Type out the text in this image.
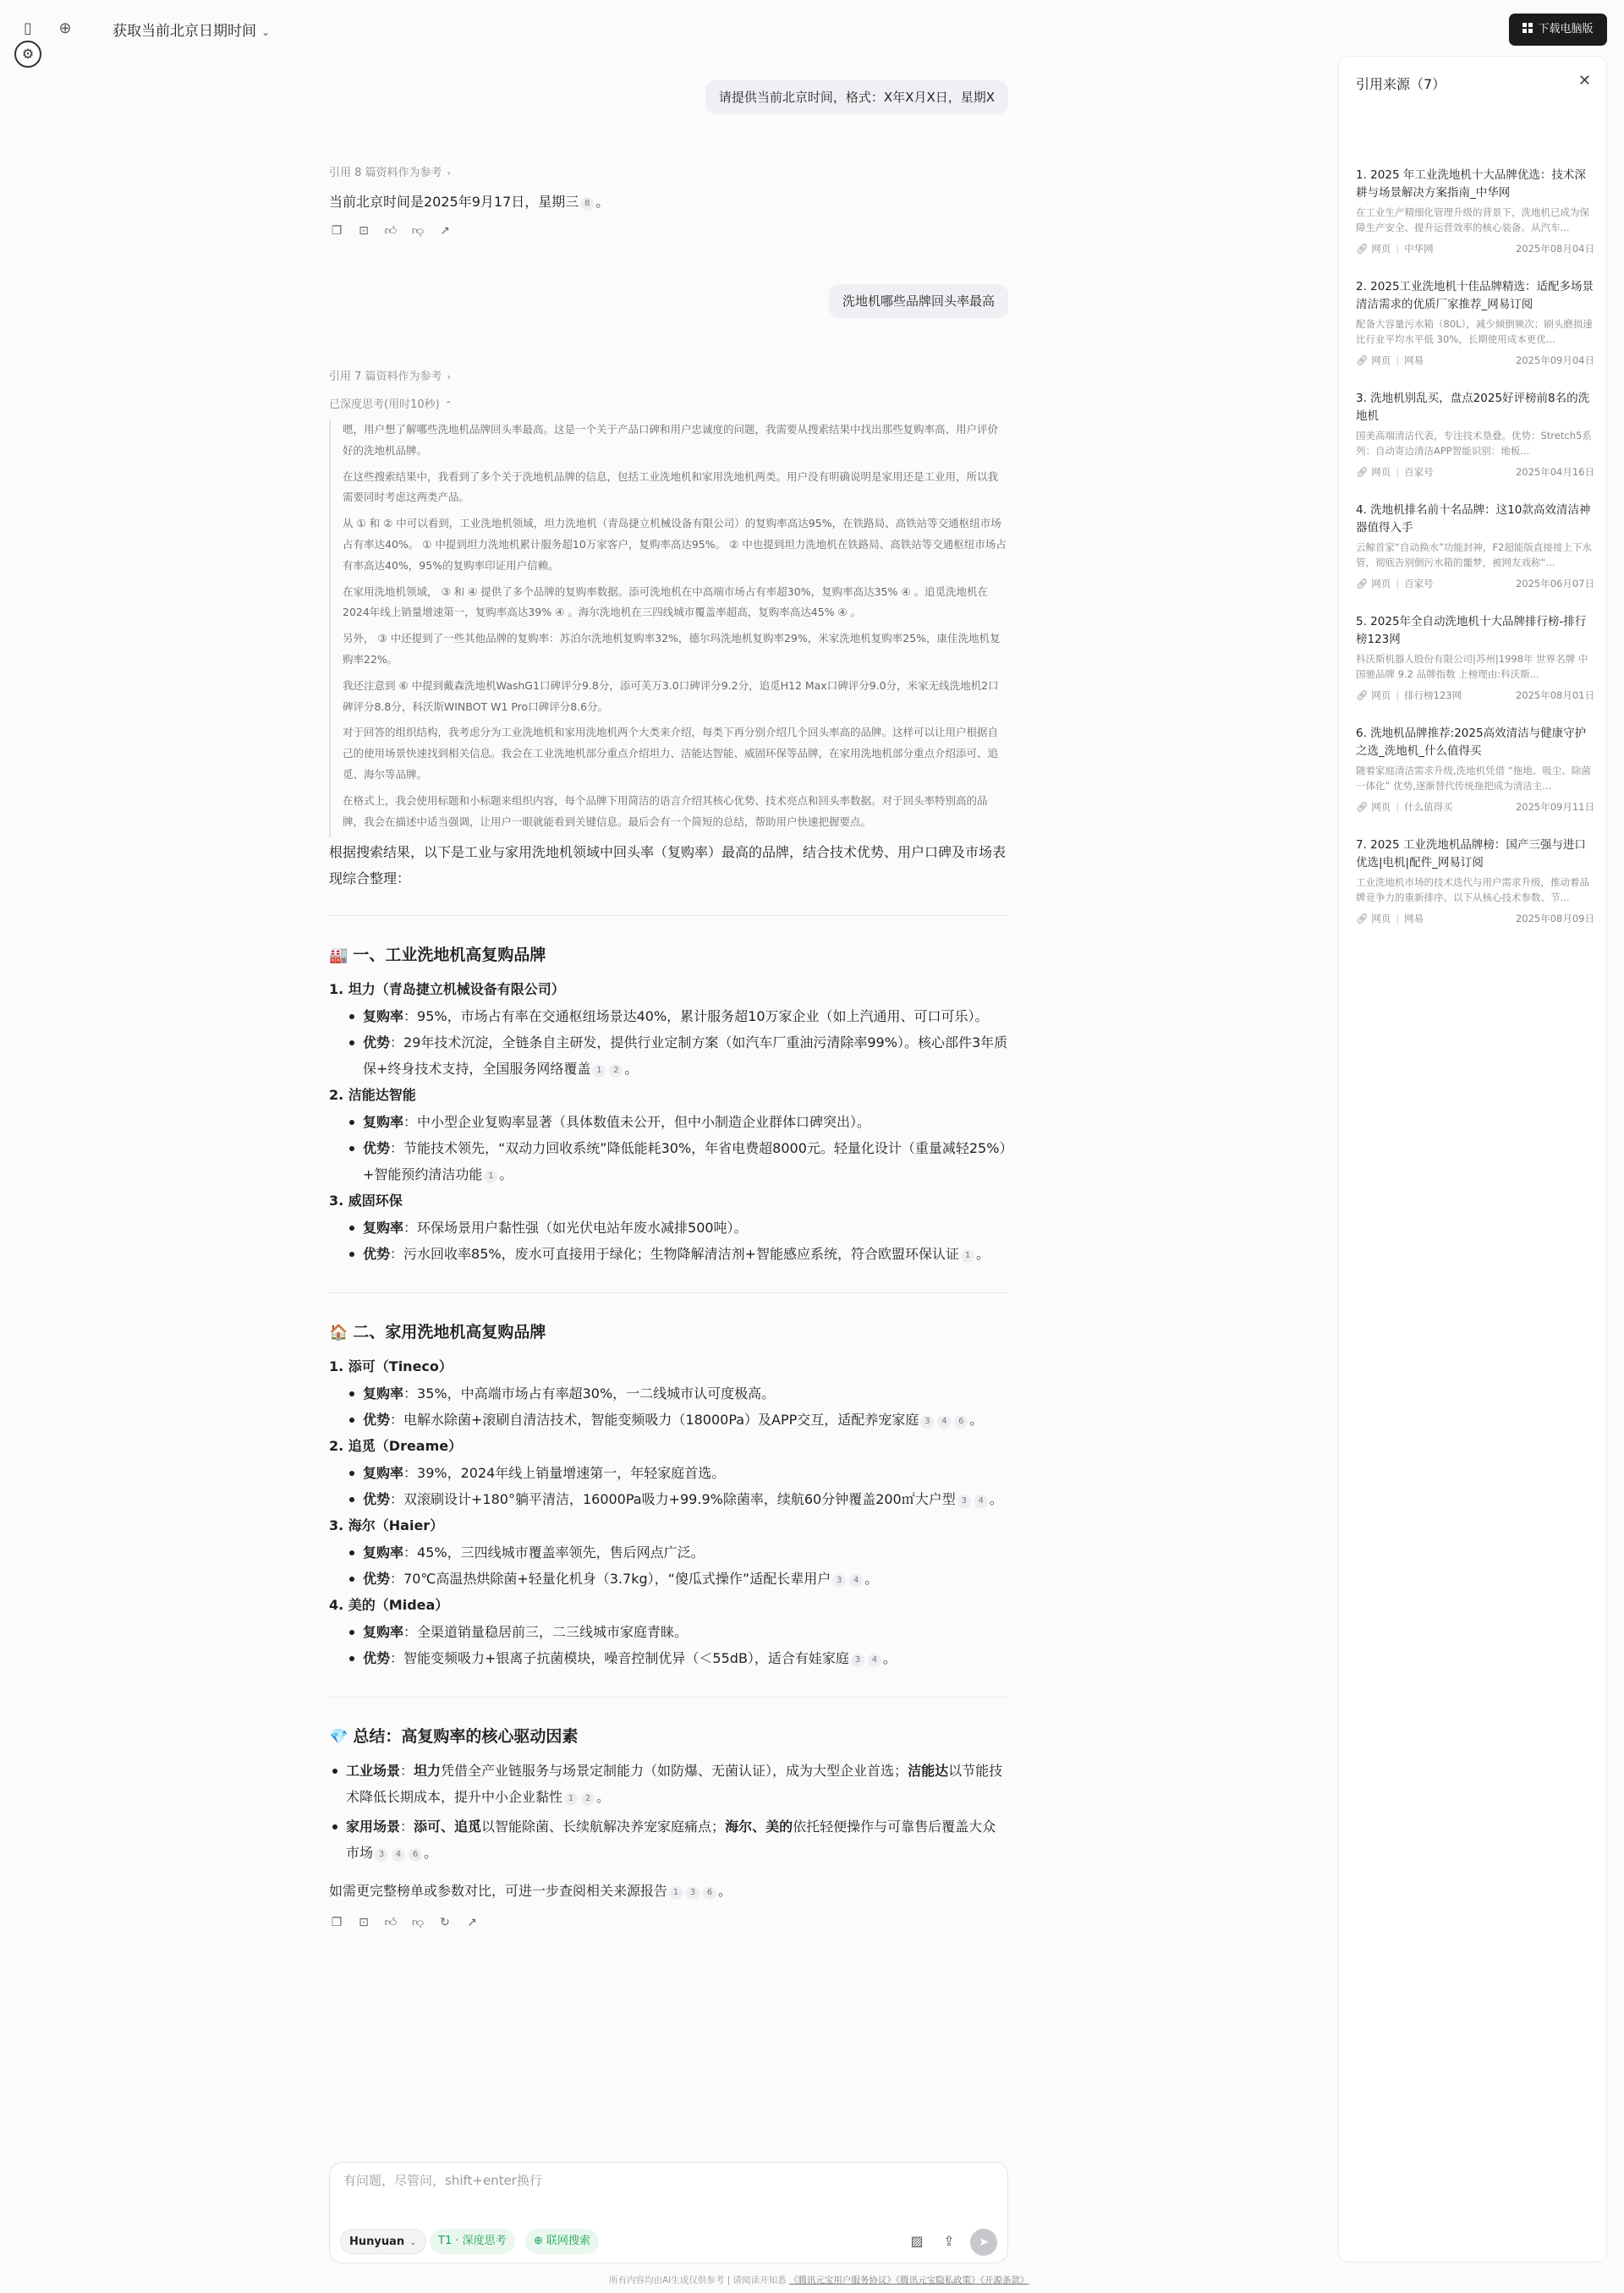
▯	⊕
⚙
获取当前北京日期时间 ⌄	下载电脑版
请提供当前北京时间，格式：X年X月X日，星期X
引用 8 篇资料作为参考 ›
当前北京时间是2025年9月17日，星期三 8 。
❐ ⊡ 👍︎ 👎︎ ↗
洗地机哪些品牌回头率最高
引用 7 篇资料作为参考 ›
已深度思考(用时10秒) ⌃

嗯，用户想了解哪些洗地机品牌回头率最高。这是一个关于产品口碑和用户忠诚度的问题，我需要从搜索结果中找出那些复购率高、用户评价好的洗地机品牌。

在这些搜索结果中，我看到了多个关于洗地机品牌的信息，包括工业洗地机和家用洗地机两类。用户没有明确说明是家用还是工业用，所以我需要同时考虑这两类产品。

从 ① 和 ② 中可以看到，工业洗地机领域，坦力洗地机（青岛捷立机械设备有限公司）的复购率高达95%，在铁路局、高铁站等交通枢纽市场占有率达40%。 ① 中提到坦力洗地机累计服务超10万家客户，复购率高达95%。 ② 中也提到坦力洗地机在铁路局、高铁站等交通枢纽市场占有率高达40%，95%的复购率印证用户信赖。

在家用洗地机领域， ③ 和 ④ 提供了多个品牌的复购率数据。添可洗地机在中高端市场占有率超30%，复购率高达35% ④ 。追觅洗地机在2024年线上销量增速第一，复购率高达39% ④ 。海尔洗地机在三四线城市覆盖率超高，复购率高达45% ④ 。

另外， ③ 中还提到了一些其他品牌的复购率：苏泊尔洗地机复购率32%，德尔玛洗地机复购率29%，米家洗地机复购率25%，康佳洗地机复购率22%。

我还注意到 ⑥ 中提到戴森洗地机WashG1口碑评分9.8分，添可芙万3.0口碑评分9.2分，追觅H12 Max口碑评分9.0分，米家无线洗地机2口碑评分8.8分，科沃斯WINBOT W1 Pro口碑评分8.6分。

对于回答的组织结构，我考虑分为工业洗地机和家用洗地机两个大类来介绍，每类下再分别介绍几个回头率高的品牌。这样可以让用户根据自己的使用场景快速找到相关信息。我会在工业洗地机部分重点介绍坦力、洁能达智能、威固环保等品牌，在家用洗地机部分重点介绍添可、追觅、海尔等品牌。

在格式上，我会使用标题和小标题来组织内容，每个品牌下用简洁的语言介绍其核心优势、技术亮点和回头率数据。对于回头率特别高的品牌，我会在描述中适当强调，让用户一眼就能看到关键信息。最后会有一个简短的总结，帮助用户快速把握要点。

根据搜索结果，以下是工业与家用洗地机领域中回头率（复购率）最高的品牌，结合技术优势、用户口碑及市场表现综合整理：

🏭 一、工业洗地机高复购品牌
1. 坦力（青岛捷立机械设备有限公司）
复购率：95%，市场占有率在交通枢纽场景达40%，累计服务超10万家企业（如上汽通用、可口可乐）。
优势：29年技术沉淀，全链条自主研发，提供行业定制方案（如汽车厂重油污清除率99%）。核心部件3年质保+终身技术支持，全国服务网络覆盖 1 2 。
2. 洁能达智能
复购率：中小型企业复购率显著（具体数值未公开，但中小制造企业群体口碑突出）。
优势：节能技术领先，“双动力回收系统”降低能耗30%，年省电费超8000元。轻量化设计（重量减轻25%）+智能预约清洁功能 1 。
3. 威固环保
复购率：环保场景用户黏性强（如光伏电站年废水减排500吨）。
优势：污水回收率85%，废水可直接用于绿化；生物降解清洁剂+智能感应系统，符合欧盟环保认证 1 。
🏠 二、家用洗地机高复购品牌
1. 添可（Tineco）
复购率：35%，中高端市场占有率超30%，一二线城市认可度极高。
优势：电解水除菌+滚刷自清洁技术，智能变频吸力（18000Pa）及APP交互，适配养宠家庭 3 4 6 。
2. 追觅（Dreame）
复购率：39%，2024年线上销量增速第一，年轻家庭首选。
优势：双滚刷设计+180°躺平清洁，16000Pa吸力+99.9%除菌率，续航60分钟覆盖200㎡大户型 3 4 。
3. 海尔（Haier）
复购率：45%，三四线城市覆盖率领先，售后网点广泛。
优势：70℃高温热烘除菌+轻量化机身（3.7kg），“傻瓜式操作”适配长辈用户 3 4 。
4. 美的（Midea）
复购率：全渠道销量稳居前三，二三线城市家庭青睐。
优势：智能变频吸力+银离子抗菌模块，噪音控制优异（＜55dB），适合有娃家庭 3 4 。
💎 总结：高复购率的核心驱动因素
工业场景：坦力凭借全产业链服务与场景定制能力（如防爆、无菌认证），成为大型企业首选；洁能达以节能技术降低长期成本，提升中小企业黏性 1 2 。
家用场景：添可、追觅以智能除菌、长续航解决养宠家庭痛点；海尔、美的依托轻便操作与可靠售后覆盖大众市场 3 4 6 。

如需更完整榜单或参数对比，可进一步查阅相关来源报告 1 3 6 。

❐ ⊡ 👍︎ 👎︎ ↻ ↗
有问题，尽管问，shift+enter换行
Hunyuan ⌄	T1 · 深度思考	⊕ 联网搜索	▨ ⇪	➤
所有内容均由AI生成仅供参考 | 请阅读并知悉 《腾讯元宝用户服务协议》《腾讯元宝隐私政策》《开源条款》
引用来源（7）	✕
1. 2025 年工业洗地机十大品牌优选：技术深耕与场景解决方案指南_中华网
在工业生产精细化管理升级的背景下，洗地机已成为保障生产安全、提升运营效率的核心装备。从汽车...
🔗︎ 网页 | 中华网	2025年08月04日
2. 2025工业洗地机十佳品牌精选：适配多场景清洁需求的优质厂家推荐_网易订阅
配备大容量污水箱（80L），减少倾倒频次；刷头磨损速比行业平均水平低 30%，长期使用成本更优...
🔗︎ 网页 | 网易	2025年09月04日
3. 洗地机别乱买，盘点2025好评榜前8名的洗地机
国美高端清洁代表，专注技术垦叠。优势：Stretch5系列：自动寄边清洁APP智能识别：地板...
🔗︎ 网页 | 百家号	2025年04月16日
4. 洗地机排名前十名品牌：这10款高效清洁神器值得入手
云鲸首家“自动换水”功能封神，F2超能版直接接上下水管，彻底告别倒污水箱的噩梦，被网友戏称“...
🔗︎ 网页 | 百家号	2025年06月07日
5. 2025年全自动洗地机十大品牌排行榜-排行榜123网
科沃斯机器人股份有限公司|苏州|1998年 世界名牌 中国驰品牌 9.2 品牌指数 上榜理由:科沃斯...
🔗︎ 网页 | 排行榜123网	2025年08月01日
6. 洗地机品牌推荐:2025高效清洁与健康守护之选_洗地机_什么值得买
随着家庭清洁需求升级,洗地机凭借 “拖地、吸尘、除菌一体化” 优势,逐渐替代传统拖把成为清洁主...
🔗︎ 网页 | 什么值得买	2025年09月11日
7. 2025 工业洗地机品牌榜：国产三强与进口优选|电机|配件_网易订阅
工业洗地机市场的技术迭代与用户需求升级，推动着品牌竞争力的重新排序。以下从核心技术参数、节...
🔗︎ 网页 | 网易	2025年08月09日
